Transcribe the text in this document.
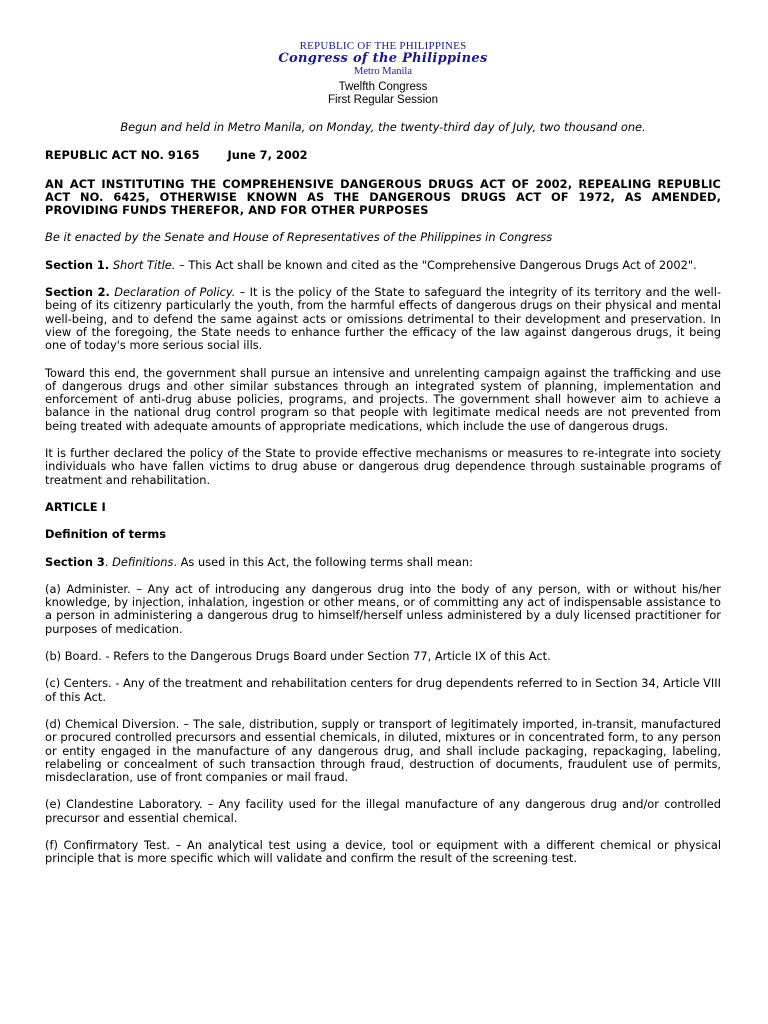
REPUBLIC OF THE PHILIPPINES
Congress of the Philippines
Metro Manila
Twelfth Congress
First Regular Session
Begun and held in Metro Manila, on Monday, the twenty-third day of July, two thousand one.
REPUBLIC ACT NO. 9165 June 7, 2002
AN ACT INSTITUTING THE COMPREHENSIVE DANGEROUS DRUGS ACT OF 2002, REPEALING REPUBLIC ACT NO. 6425, OTHERWISE KNOWN AS THE DANGEROUS DRUGS ACT OF 1972, AS AMENDED, PROVIDING FUNDS THEREFOR, AND FOR OTHER PURPOSES
Be it enacted by the Senate and House of Representatives of the Philippines in Congress

Section 1. Short Title. – This Act shall be known and cited as the "Comprehensive Dangerous Drugs Act of 2002".

Section 2. Declaration of Policy. – It is the policy of the State to safeguard the integrity of its territory and the well-being of its citizenry particularly the youth, from the harmful effects of dangerous drugs on their physical and mental well-being, and to defend the same against acts or omissions detrimental to their development and preservation. In view of the foregoing, the State needs to enhance further the efficacy of the law against dangerous drugs, it being one of today's more serious social ills.

Toward this end, the government shall pursue an intensive and unrelenting campaign against the trafficking and use of dangerous drugs and other similar substances through an integrated system of planning, implementation and enforcement of anti-drug abuse policies, programs, and projects. The government shall however aim to achieve a balance in the national drug control program so that people with legitimate medical needs are not prevented from being treated with adequate amounts of appropriate medications, which include the use of dangerous drugs.

It is further declared the policy of the State to provide effective mechanisms or measures to re-integrate into society individuals who have fallen victims to drug abuse or dangerous drug dependence through sustainable programs of treatment and rehabilitation.

ARTICLE I
Definition of terms

Section 3. Definitions. As used in this Act, the following terms shall mean:

(a) Administer. – Any act of introducing any dangerous drug into the body of any person, with or without his/her knowledge, by injection, inhalation, ingestion or other means, or of committing any act of indispensable assistance to a person in administering a dangerous drug to himself/herself unless administered by a duly licensed practitioner for purposes of medication.

(b) Board. - Refers to the Dangerous Drugs Board under Section 77, Article IX of this Act.

(c) Centers. - Any of the treatment and rehabilitation centers for drug dependents referred to in Section 34, Article VIII of this Act.

(d) Chemical Diversion. – The sale, distribution, supply or transport of legitimately imported, in-transit, manufactured or procured controlled precursors and essential chemicals, in diluted, mixtures or in concentrated form, to any person or entity engaged in the manufacture of any dangerous drug, and shall include packaging, repackaging, labeling, relabeling or concealment of such transaction through fraud, destruction of documents, fraudulent use of permits, misdeclaration, use of front companies or mail fraud.

(e) Clandestine Laboratory. – Any facility used for the illegal manufacture of any dangerous drug and/or controlled precursor and essential chemical.

(f) Confirmatory Test. – An analytical test using a device, tool or equipment with a different chemical or physical principle that is more specific which will validate and confirm the result of the screening test.
